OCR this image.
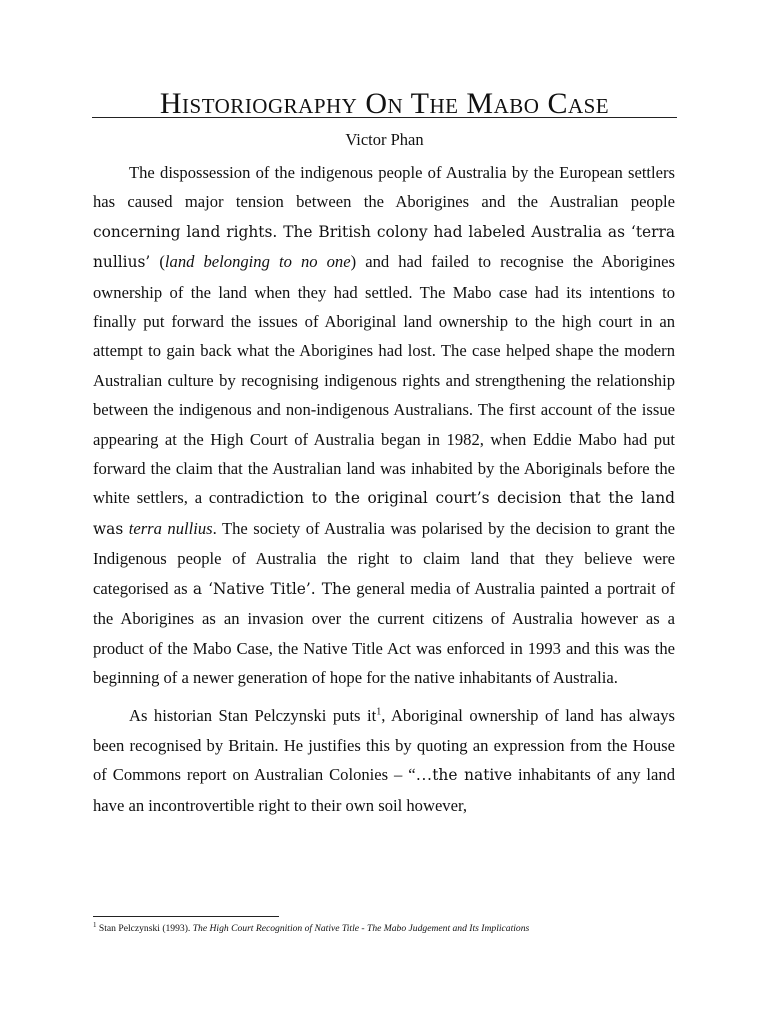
Historiography On The Mabo Case
Victor Phan

The dispossession of the indigenous people of Australia by the European settlers has caused major tension between the Aborigines and the Australian people concerning land rights. The British colony had labeled Australia as ‘terra nullius’ (land belonging to no one) and had failed to recognise the Aborigines ownership of the land when they had settled. The Mabo case had its intentions to finally put forward the issues of Aboriginal land ownership to the high court in an attempt to gain back what the Aborigines had lost. The case helped shape the modern Australian culture by recognising indigenous rights and strengthening the relationship between the indigenous and non-indigenous Australians. The first account of the issue appearing at the High Court of Australia began in 1982, when Eddie Mabo had put forward the claim that the Australian land was inhabited by the Aboriginals before the white settlers, a contradiction to the original court’s decision that the land was terra nullius. The society of Australia was polarised by the decision to grant the Indigenous people of Australia the right to claim land that they believe were categorised as a ‘Native Title’. The general media of Australia painted a portrait of the Aborigines as an invasion over the current citizens of Australia however as a product of the Mabo Case, the Native Title Act was enforced in 1993 and this was the beginning of a newer generation of hope for the native inhabitants of Australia.

As historian Stan Pelczynski puts $it^1$, Aboriginal ownership of land has always been recognised by Britain. He justifies this by quoting an expression from the House of Commons report on Australian Colonies – “…the native inhabitants of any land have an incontrovertible right to their own soil however,

$^1$ Stan Pelczynski (1993). The High Court Recognition of Native Title - The Mabo Judgement and Its Implications
